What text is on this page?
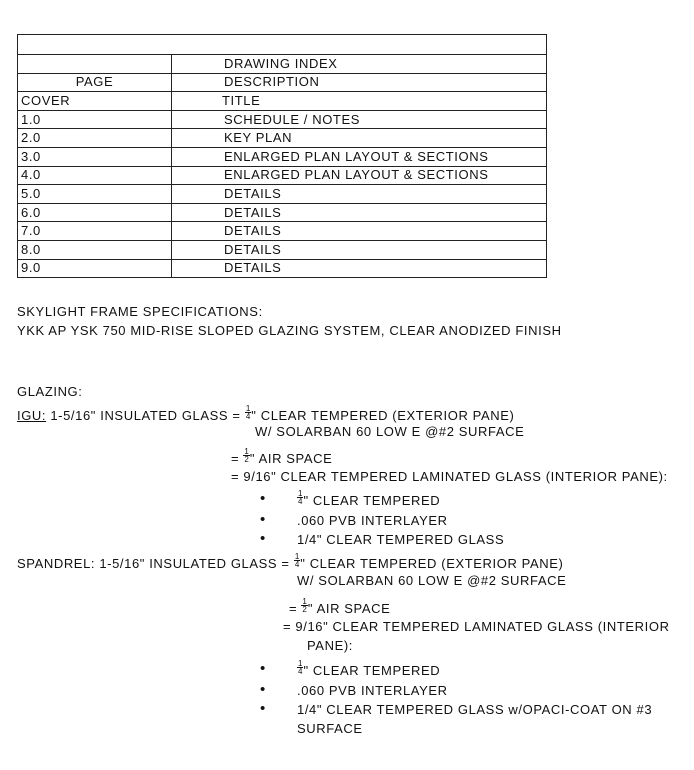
	DRAWING INDEX
PAGE	DESCRIPTION
COVER	TITLE
1.0	SCHEDULE / NOTES
2.0	KEY PLAN
3.0	ENLARGED PLAN LAYOUT & SECTIONS
4.0	ENLARGED PLAN LAYOUT & SECTIONS
5.0	DETAILS
6.0	DETAILS
7.0	DETAILS
8.0	DETAILS
9.0	DETAILS
SKYLIGHT FRAME SPECIFICATIONS:
YKK AP YSK 750 MID-RISE SLOPED GLAZING SYSTEM, CLEAR ANODIZED FINISH
GLAZING:
IGU: 1-5/16" INSULATED GLASS = $\frac{1}{4}$ " CLEAR TEMPERED (EXTERIOR PANE)
W/ SOLARBAN 60 LOW E @#2 SURFACE
= $\frac{1}{2}$ " AIR SPACE
= 9/16" CLEAR TEMPERED LAMINATED GLASS (INTERIOR PANE):
•	$\frac{1}{4}$ " CLEAR TEMPERED
• .060 PVB INTERLAYER
• 1/4" CLEAR TEMPERED GLASS
SPANDREL: 1-5/16" INSULATED GLASS = $\frac{1}{4}$ " CLEAR TEMPERED (EXTERIOR PANE)
W/ SOLARBAN 60 LOW E @#2 SURFACE
= $\frac{1}{2}$ " AIR SPACE
= 9/16" CLEAR TEMPERED LAMINATED GLASS (INTERIOR
PANE):
•	$\frac{1}{4}$ " CLEAR TEMPERED
• .060 PVB INTERLAYER
• 1/4" CLEAR TEMPERED GLASS w/OPACI-COAT ON #3
SURFACE
